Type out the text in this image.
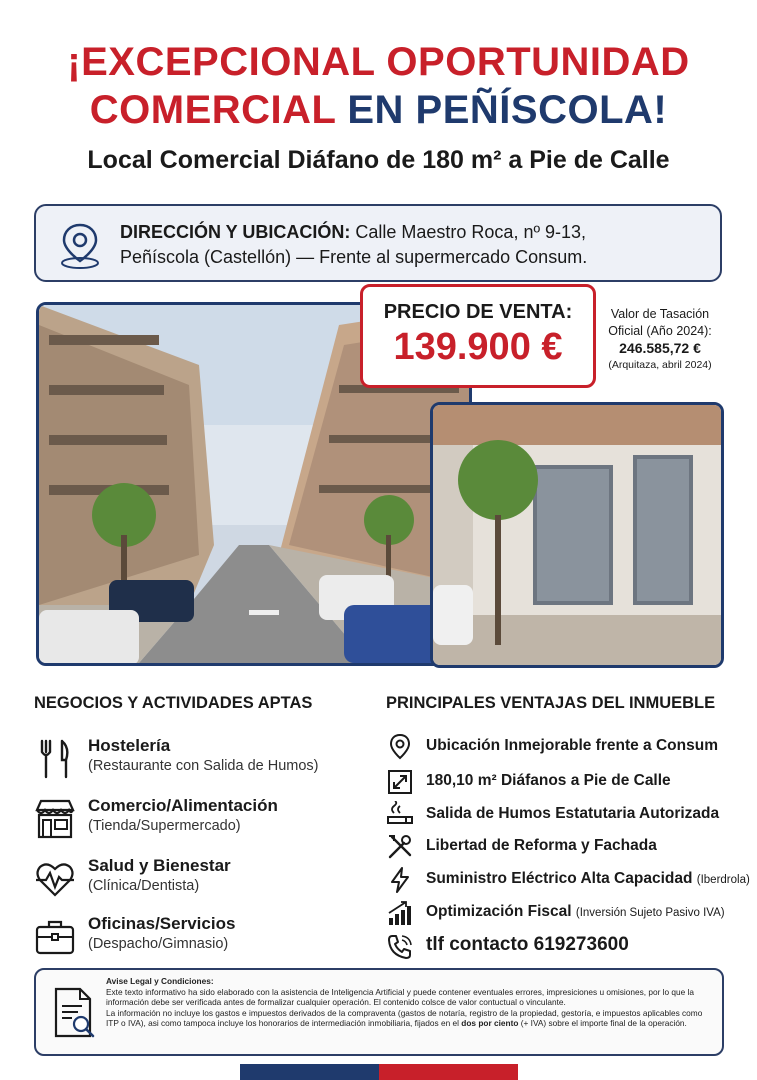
¡EXCEPCIONAL OPORTUNIDAD
COMERCIAL EN PEÑÍSCOLA!
Local Comercial Diáfano de 180 m² a Pie de Calle
DIRECCIÓN Y UBICACIÓN: Calle Maestro Roca, nº 9-13,
Peñíscola (Castellón) — Frente al supermercado Consum.
PRECIO DE VENTA:
139.900 €
Valor de Tasación
Oficial (Año 2024):
246.585,72 €
(Arquitaza, abril 2024)
NEGOCIOS Y ACTIVIDADES APTAS	PRINCIPALES VENTAJAS DEL INMUEBLE
Hostelería
(Restaurante con Salida de Humos)
Comercio/Alimentación
(Tienda/Supermercado)
Salud y Bienestar
(Clínica/Dentista)
Oficinas/Servicios
(Despacho/Gimnasio)
Ubicación Inmejorable frente a Consum
180,10 m² Diáfanos a Pie de Calle
Salida de Humos Estatutaria Autorizada
Libertad de Reforma y Fachada
Suministro Eléctrico Alta Capacidad (Iberdrola)
Optimización Fiscal (Inversión Sujeto Pasivo IVA)
tlf contacto 619273600
Avise Legal y Condiciones:
Exte texto informativo ha sido elaborado con la asistencia de Inteligencia Artificial y puede contener eventuales errores, impresiciones u omisiones, por lo que la información debe ser verificada antes de formalizar cualquier operación. El contenido colsce de valor contuctual o vinculante.
La información no incluye los gastos e impuestos derivados de la compraventa (gastos de notaría, registro de la propiedad, gestoría, e impuestos aplicables como ITP o IVA), asi como tampoca incluye los honorarios de intermediación inmobiliaria, fijados en el dos por ciento (+ IVA) sobre el importe final de la operación.
